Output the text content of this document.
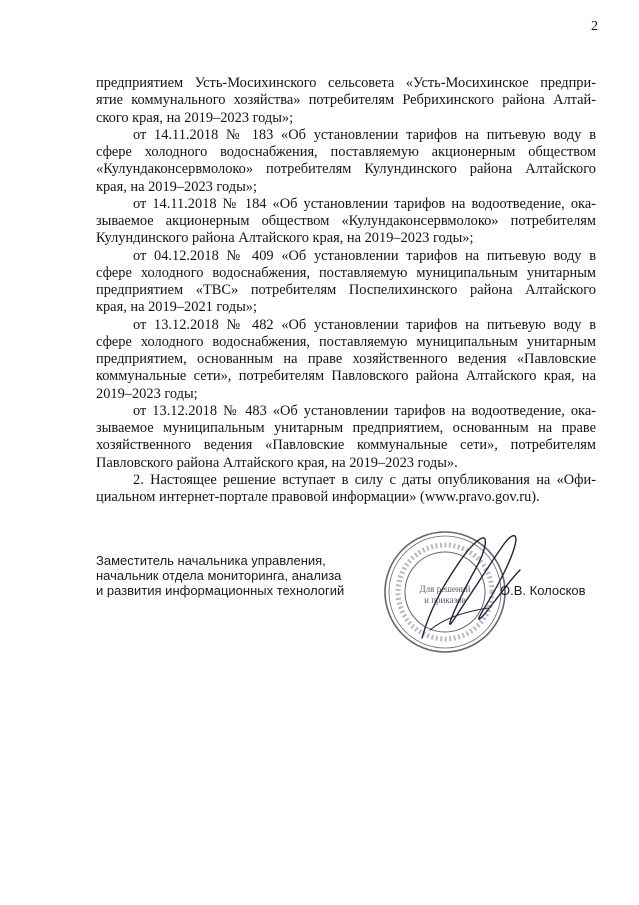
2
предприятием Усть-Мосихинского сельсовета «Усть-Мосихинское предпри-
ятие коммунального хозяйства» потребителям Ребрихинского района Алтай-
ского края, на 2019–2023 годы»;
от 14.11.2018 № 183 «Об установлении тарифов на питьевую воду в
сфере холодного водоснабжения, поставляемую акционерным обществом
«Кулундаконсервмолоко» потребителям Кулундинского района Алтайского
края, на 2019–2023 годы»;
от 14.11.2018 № 184 «Об установлении тарифов на водоотведение, ока-
зываемое акционерным обществом «Кулундаконсервмолоко» потребителям
Кулундинского района Алтайского края, на 2019–2023 годы»;
от 04.12.2018 № 409 «Об установлении тарифов на питьевую воду в
сфере холодного водоснабжения, поставляемую муниципальным унитарным
предприятием «ТВС» потребителям Поспелихинского района Алтайского
края, на 2019–2021 годы»;
от 13.12.2018 № 482 «Об установлении тарифов на питьевую воду в
сфере холодного водоснабжения, поставляемую муниципальным унитарным
предприятием, основанным на праве хозяйственного ведения «Павловские
коммунальные сети», потребителям Павловского района Алтайского края, на
2019–2023 годы;
от 13.12.2018 № 483 «Об установлении тарифов на водоотведение, ока-
зываемое муниципальным унитарным предприятием, основанным на праве
хозяйственного ведения «Павловские коммунальные сети», потребителям
Павловского района Алтайского края, на 2019–2023 годы».
2. Настоящее решение вступает в силу с даты опубликования на «Офи-
циальном интернет-портале правовой информации» (www.pravo.gov.ru).
Заместитель начальника управления,
начальник отдела мониторинга, анализа
и развития информационных технологий	Для решений
и приказов
О.В. Колосков
